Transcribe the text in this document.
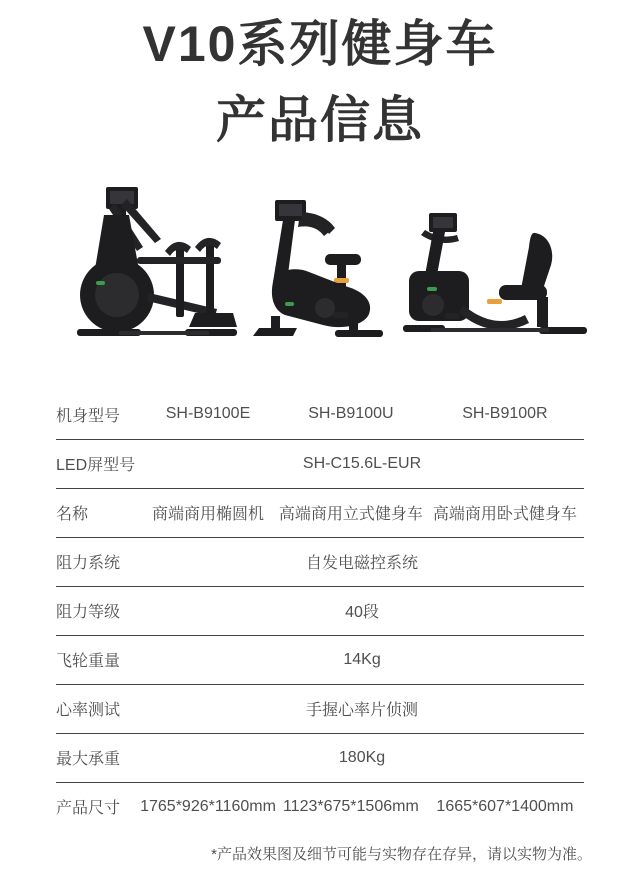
V10系列健身车
产品信息
机身型号	SH-B9100E	SH-B9100U	SH-B9100R
LED屏型号	SH-C15.6L-EUR		
名称	商端商用椭圆机	高端商用立式健身车	高端商用卧式健身车
阻力系统	自发电磁控系统		
阻力等级	40段		
飞轮重量	14Kg		
心率测试	手握心率片侦测		
最大承重	180Kg		
产品尺寸	1765*926*1160mm	1123*675*1506mm	1665*607*1400mm

*产品效果图及细节可能与实物存在存异，请以实物为准。
